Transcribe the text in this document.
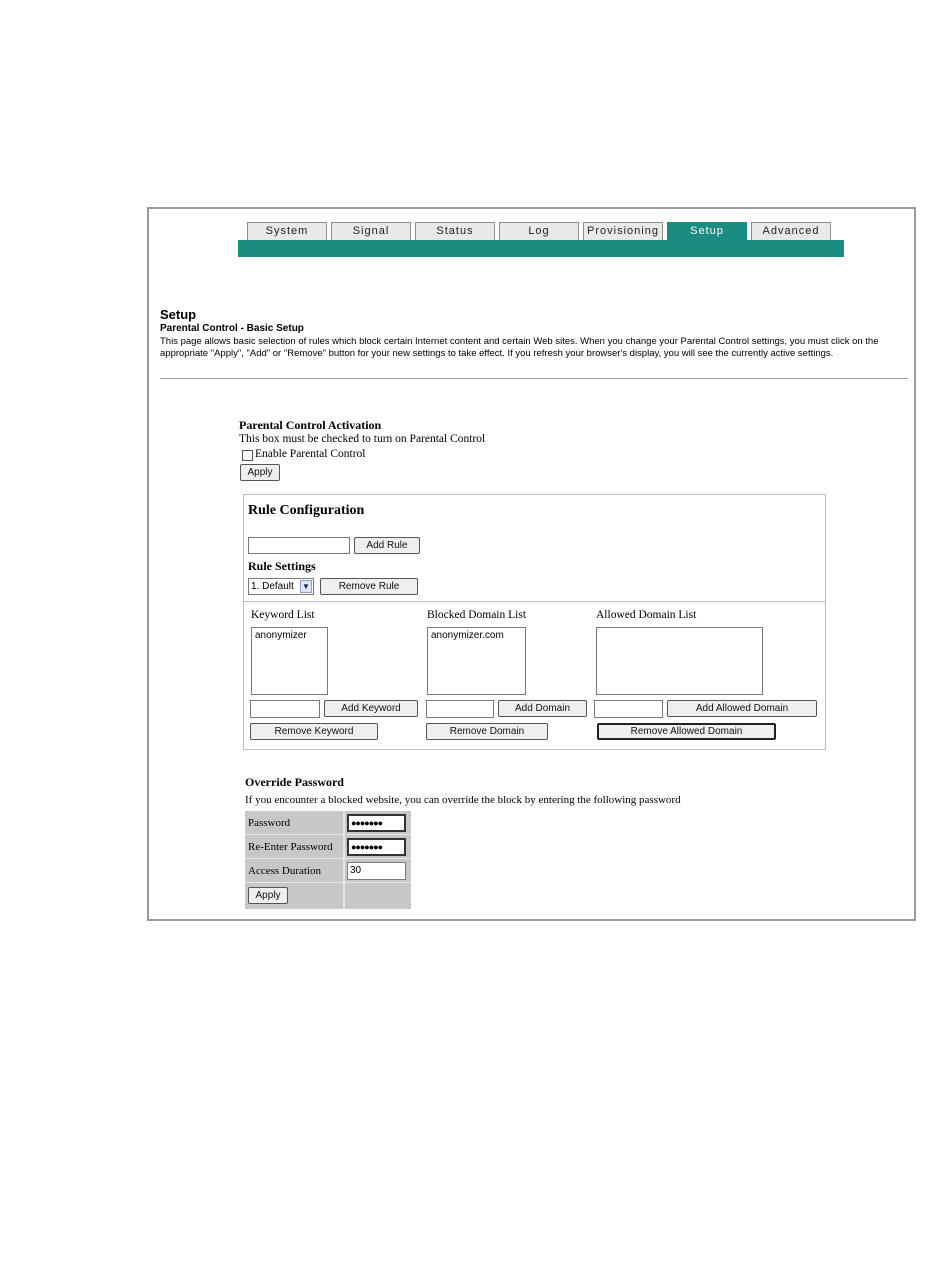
System	Signal	Status	Log	Provisioning	Setup	Advanced
Setup
Parental Control - Basic Setup
This page allows basic selection of rules which block certain Internet content and certain Web sites. When you change your Parental Control settings, you must click on the appropriate "Apply", "Add" or "Remove" button for your new settings to take effect. If you refresh your browser's display, you will see the currently active settings.
Parental Control Activation
This box must be checked to turn on Parental Control
Enable Parental Control
Apply
Rule Configuration
Add Rule
Rule Settings
1. Default ▼	Remove Rule
Keyword List
anonymizer
Add Keyword
Remove Keyword
Blocked Domain List
anonymizer.com
Add Domain
Remove Domain
Allowed Domain List
Add Allowed Domain
Remove Allowed Domain
Override Password
If you encounter a blocked website, you can override the block by entering the following password
Password	●●●●●●●
Re-Enter Password	●●●●●●●
Access Duration	30
Apply
